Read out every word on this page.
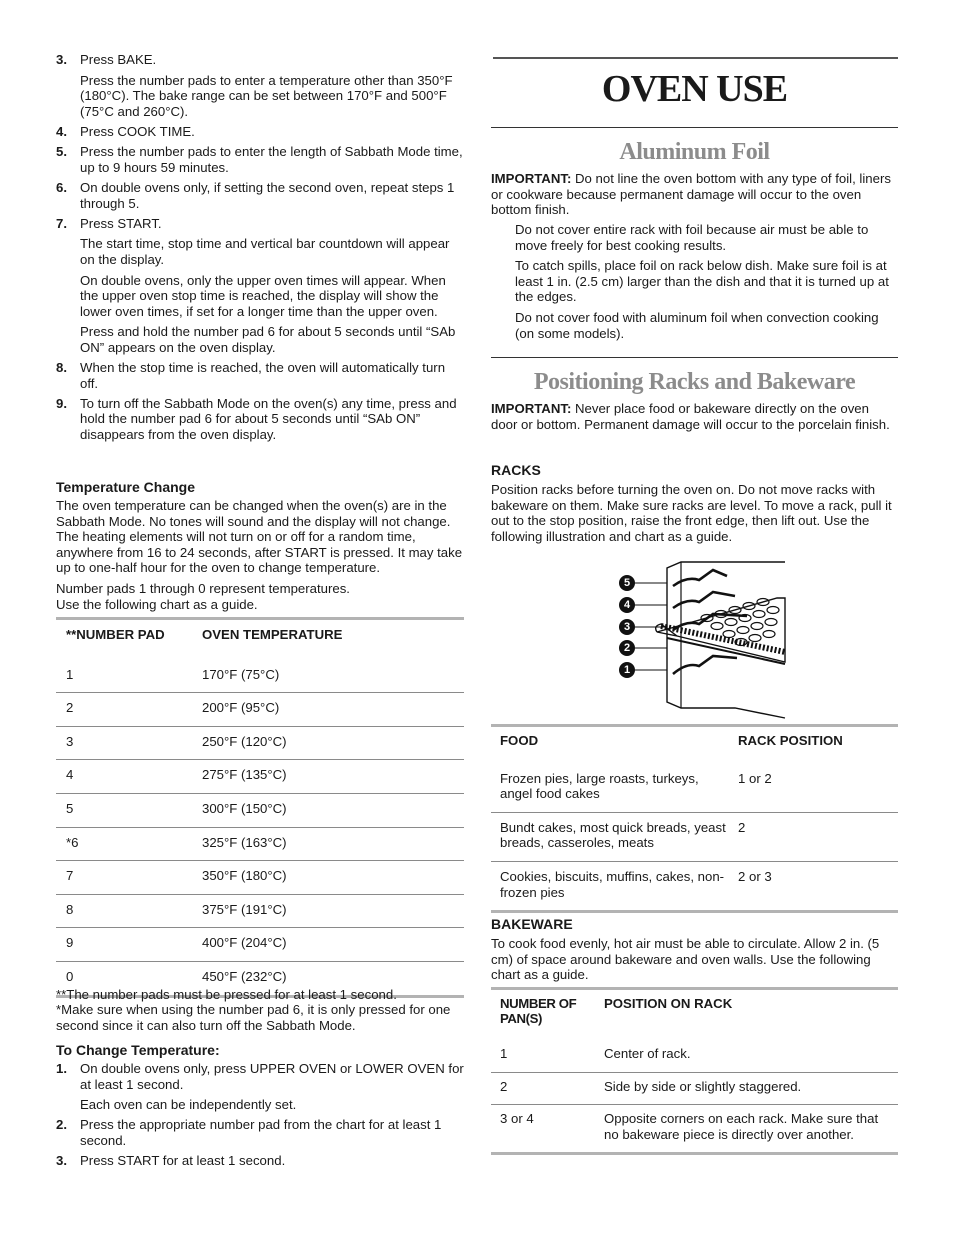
3. Press BAKE.
Press the number pads to enter a temperature other than 350°F (180°C). The bake range can be set between 170°F and 500°F (75°C and 260°C).
4. Press COOK TIME.
5. Press the number pads to enter the length of Sabbath Mode time, up to 9 hours 59 minutes.
6. On double ovens only, if setting the second oven, repeat steps 1 through 5.
7. Press START.
The start time, stop time and vertical bar countdown will appear on the display.
On double ovens, only the upper oven times will appear. When the upper oven stop time is reached, the display will show the lower oven times, if set for a longer time than the upper oven.
Press and hold the number pad 6 for about 5 seconds until “SAb ON” appears on the oven display.
8. When the stop time is reached, the oven will automatically turn off.
9. To turn off the Sabbath Mode on the oven(s) any time, press and hold the number pad 6 for about 5 seconds until “SAb ON” disappears from the oven display.
Temperature Change
The oven temperature can be changed when the oven(s) are in the Sabbath Mode. No tones will sound and the display will not change. The heating elements will not turn on or off for a random time, anywhere from 16 to 24 seconds, after START is pressed. It may take up to one-half hour for the oven to change temperature.
Number pads 1 through 0 represent temperatures.
Use the following chart as a guide.
**NUMBER PAD	OVEN TEMPERATURE
1	170°F (75°C)
2	200°F (95°C)
3	250°F (120°C)
4	275°F (135°C)
5	300°F (150°C)
*6	325°F (163°C)
7	350°F (180°C)
8	375°F (191°C)
9	400°F (204°C)
0	450°F (232°C)
**The number pads must be pressed for at least 1 second.
*Make sure when using the number pad 6, it is only pressed for one second since it can also turn off the Sabbath Mode.
To Change Temperature:
1. On double ovens only, press UPPER OVEN or LOWER OVEN for at least 1 second.
Each oven can be independently set.
2. Press the appropriate number pad from the chart for at least 1 second.
3. Press START for at least 1 second.
OVEN USE
Aluminum Foil
IMPORTANT: Do not line the oven bottom with any type of foil, liners or cookware because permanent damage will occur to the oven bottom finish.
Do not cover entire rack with foil because air must be able to move freely for best cooking results.
To catch spills, place foil on rack below dish. Make sure foil is at least 1 in. (2.5 cm) larger than the dish and that it is turned up at the edges.
Do not cover food with aluminum foil when convection cooking (on some models).
Positioning Racks and Bakeware
IMPORTANT: Never place food or bakeware directly on the oven door or bottom. Permanent damage will occur to the porcelain finish.
RACKS
Position racks before turning the oven on. Do not move racks with bakeware on them. Make sure racks are level. To move a rack, pull it out to the stop position, raise the front edge, then lift out. Use the following illustration and chart as a guide.
5
4
3
2
1
FOOD	RACK POSITION
Frozen pies, large roasts, turkeys, angel food cakes	1 or 2
Bundt cakes, most quick breads, yeast breads, casseroles, meats	2
Cookies, biscuits, muffins, cakes, non-frozen pies	2 or 3
BAKEWARE
To cook food evenly, hot air must be able to circulate. Allow 2 in. (5 cm) of space around bakeware and oven walls. Use the following chart as a guide.
NUMBER OF PAN(S)	POSITION ON RACK
1	Center of rack.
2	Side by side or slightly staggered.
3 or 4	Opposite corners on each rack. Make sure that no bakeware piece is directly over another.
